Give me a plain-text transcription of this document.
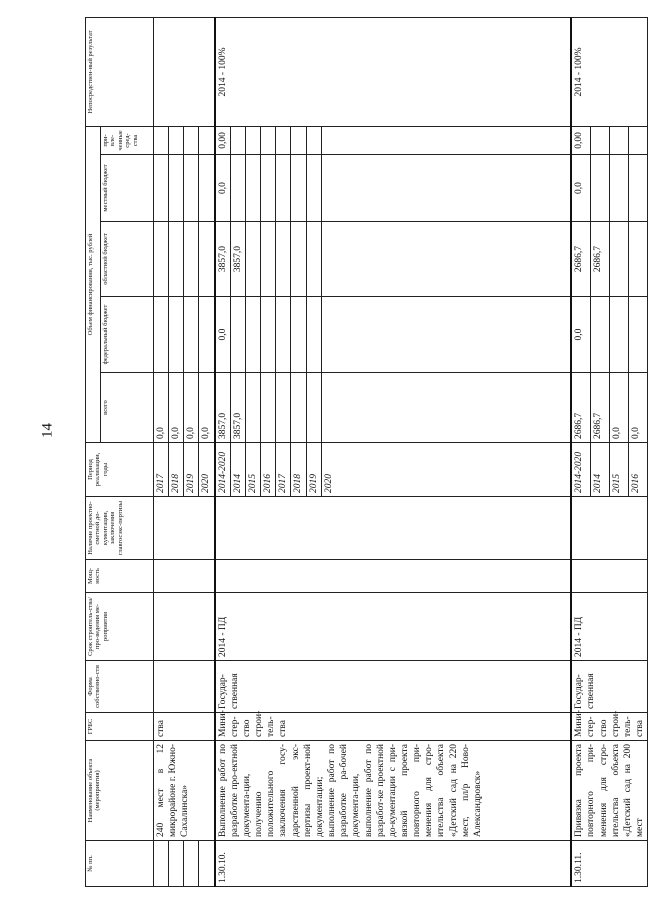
14
№ пп.	Наименование объекта (мероприятия)	ГРБС	Форма собственно-сти	Срок строитель-ства/про-ведения ме-роприятия	Мощ-ность	Наличие проектно-сметной до-кументации, заключения главгосэкс-пертизы	Период реализации, годы	Объем финансирования, тыс. рублей					Непосредствен-ный результат
								всего	федеральный бюджет	областной бюджет	местный бюджет	при-вле-ченные сред-ства	
	240 мест в 12 микрорайоне г. Южно-Сахалинска»	ства					2017	0,0					
							2018	0,0					
							2019	0,0					
							2020	0,0					
1.30.10.	Выполнение работ по разработке про-ектной документа-ции, получению положительного заключения госу-дарственной экс-пертизы проект-ной документации; выполнение работ по разработке ра-бочей документа-ции, выполнение работ по разработ-ке проектной до-кументации с при-вязкой проекта повторного при-менения для стро-ительства объекта «Детский сад на 220 мест, пл/р Ново-Александровск»	Мини-стер-ство строи-тель-ства	Государ-ственная	2014 - ПД			2014-2020	3857,0	0,0	3857,0	0,0	0,00	2014 - 100%
							2014	3857,0		3857,0			
							2015						
							2016						
							2017						
							2018						
							2019						
							2020						
1.30.11.	Привязка проекта повторного при-менения для стро-ительства объекта «Детский сад на 200 мест	Мини-стер-ство строи-тель-ства	Государ-ственная	2014 - ПД			2014-2020	2686,7	0,0	2686,7	0,0	0,00	2014 - 100%
							2014	2686,7		2686,7			
							2015	0,0					
							2016	0,0					
